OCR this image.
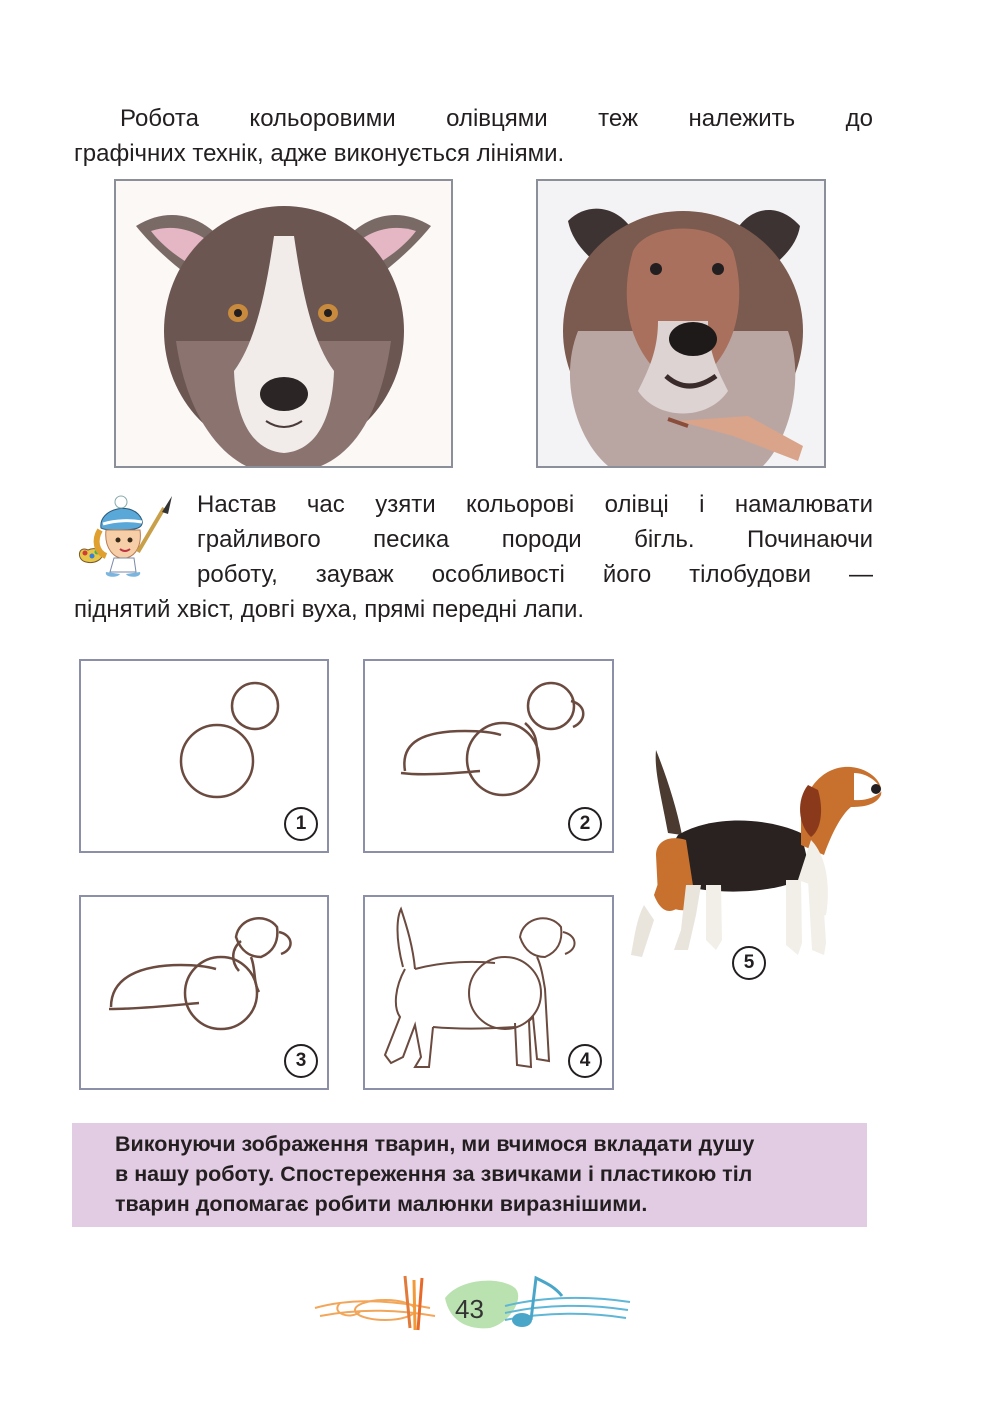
Робота кольоровими олівцями теж належить до
графічних технік, адже виконується лініями.
Настав час узяти кольорові олівці і намалювати
грайливого песика породи бігль. Починаючи
роботу, зауваж особливості його тілобудови —
піднятий хвіст, довгі вуха, прямі передні лапи.
1	2
3	4
5
Виконуючи зображення тварин, ми вчимося вкладати душу
в нашу роботу. Спостереження за звичками і пластикою тіл
тварин допомагає робити малюнки виразнішими.
43
